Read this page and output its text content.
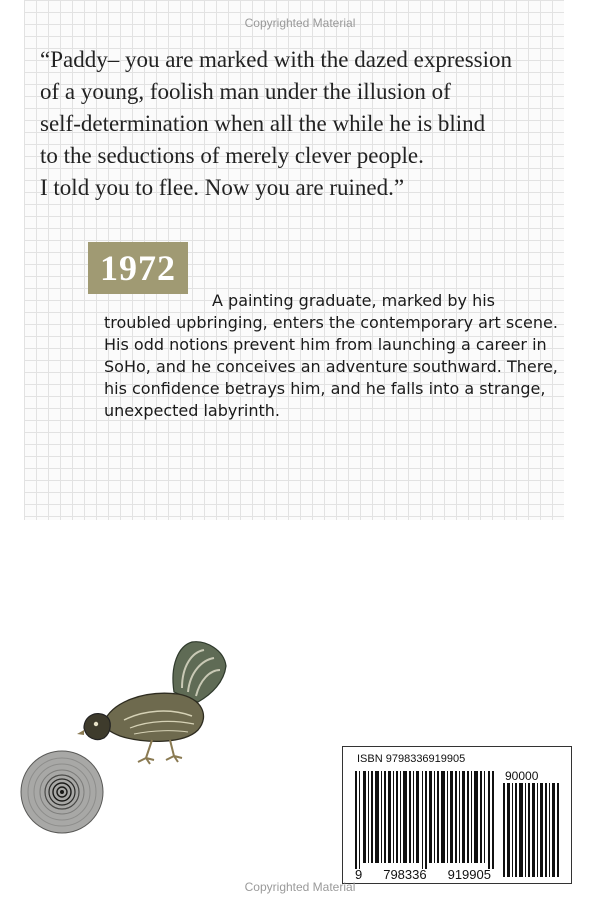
Copyrighted Material
“Paddy– you are marked with the dazed expression
of a young, foolish man under the illusion of
self-determination when all the while he is blind
to the seductions of merely clever people.
I told you to flee. Now you are ruined.”
1972

A painting graduate, marked by his troubled upbringing, enters the contemporary art scene. His odd notions prevent him from launching a career in SoHo, and he conceives an adventure southward. There, his confidence betrays him, and he falls into a strange, unexpected labyrinth.

ISBN 9798336919905
90000
9 798336 919905
Copyrighted Material
